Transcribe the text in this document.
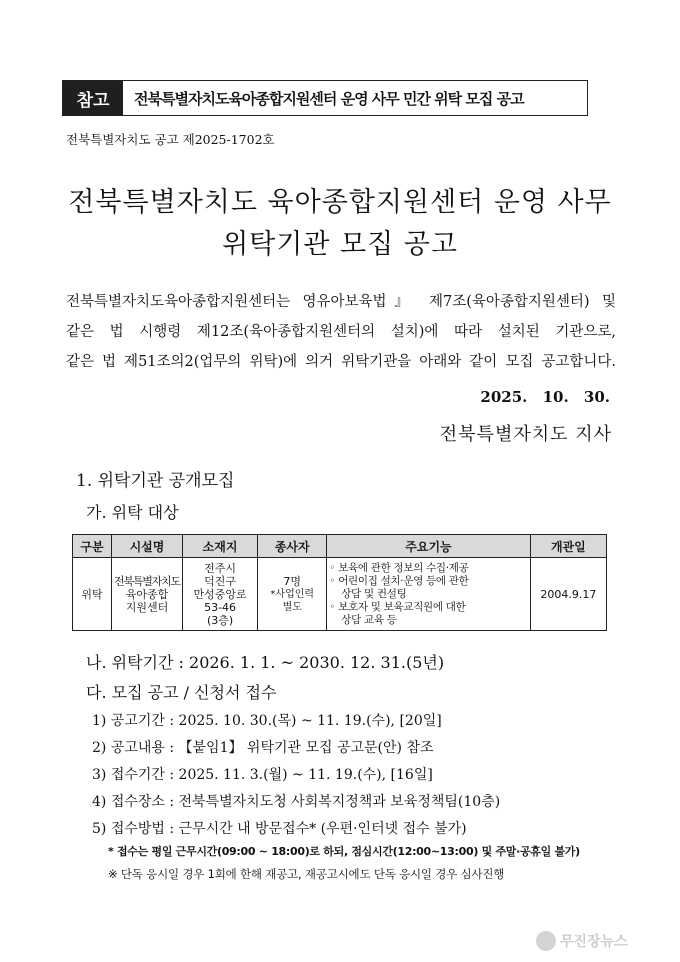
참고	전북특별자치도육아종합지원센터 운영 사무 민간 위탁 모집 공고
전북특별자치도 공고 제2025-1702호
전북특별자치도 육아종합지원센터 운영 사무
위탁기관 모집 공고
전북특별자치도육아종합지원센터는 영유아보육법』 제7조(육아종합지원센터) 및
같은 법 시행령 제12조(육아종합지원센터의 설치)에 따라 설치된 기관으로,
같은 법 제51조의2(업무의 위탁)에 의거 위탁기관을 아래와 같이 모집 공고합니다.
2025. 10. 30.
전북특별자치도 지사
1. 위탁기관 공개모집
가. 위탁 대상
구분	시설명	소재지	종사자	주요기능	개관일
위탁	전북특별자치도
육아종합
지원센터	전주시
덕진구
만성중앙로
53-46
(3층)	7명
*사업인력
별도	◦ 보육에 관한 정보의 수집·제공
◦ 어린이집 설치·운영 등에 관한
상담 및 컨설팅
◦ 보호자 및 보육교직원에 대한
상담 교육 등	2004.9.17
나. 위탁기간 : 2026. 1. 1. ~ 2030. 12. 31.(5년)
다. 모집 공고 / 신청서 접수
1) 공고기간 : 2025. 10. 30.(목) ~ 11. 19.(수), [20일]
2) 공고내용 : 【붙임1】 위탁기관 모집 공고문(안) 참조
3) 접수기간 : 2025. 11. 3.(월) ~ 11. 19.(수), [16일]
4) 접수장소 : 전북특별자치도청 사회복지정책과 보육정책팀(10층)
5) 접수방법 : 근무시간 내 방문접수* (우편·인터넷 접수 불가)
* 접수는 평일 근무시간(09:00 ~ 18:00)로 하되, 점심시간(12:00~13:00) 및 주말·공휴일 불가)
※ 단독 응시일 경우 1회에 한해 재공고, 재공고시에도 단독 응시일 경우 심사진행
무진장뉴스
